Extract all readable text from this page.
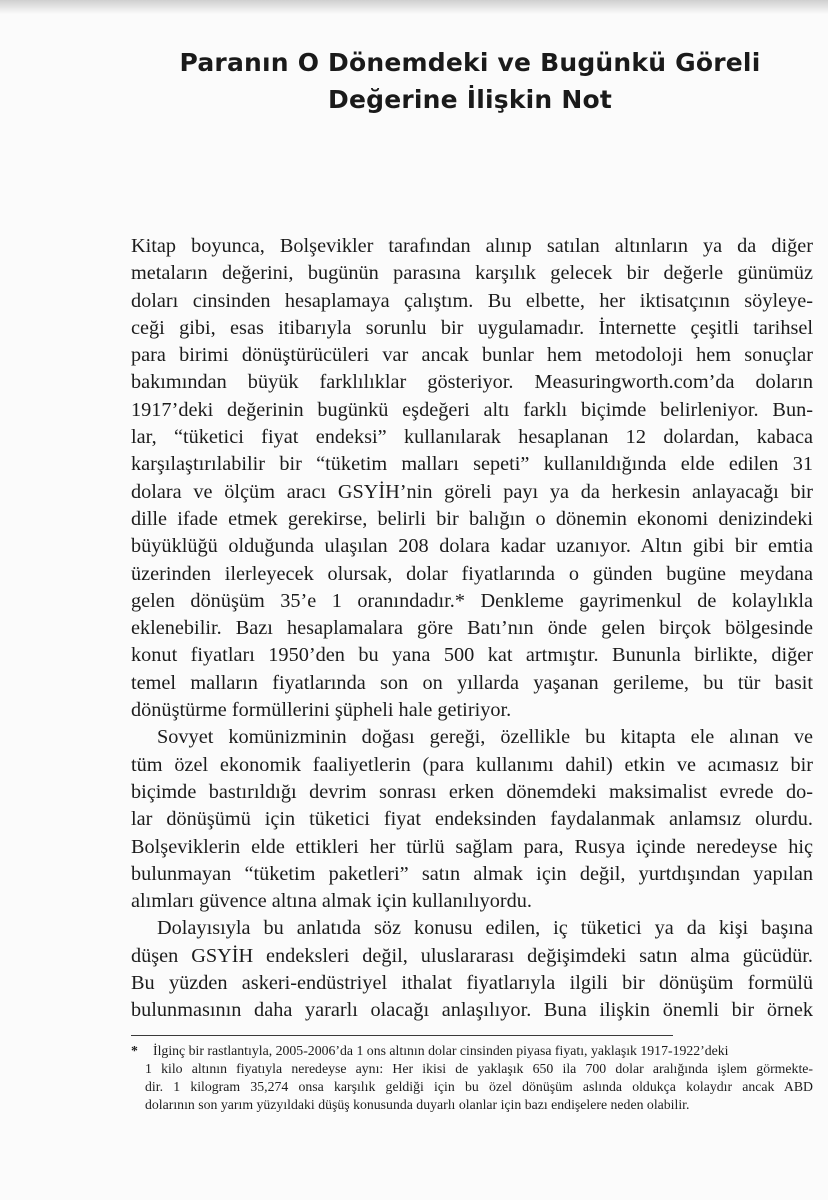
Paranın O Dönemdeki ve Bugünkü Göreli
Değerine İlişkin Not
Kitap boyunca, Bolşevikler tarafından alınıp satılan altınların ya da diğer
metaların değerini, bugünün parasına karşılık gelecek bir değerle günümüz
doları cinsinden hesaplamaya çalıştım. Bu elbette, her iktisatçının söyleye-
ceği gibi, esas itibarıyla sorunlu bir uygulamadır. İnternette çeşitli tarihsel
para birimi dönüştürücüleri var ancak bunlar hem metodoloji hem sonuçlar
bakımından büyük farklılıklar gösteriyor. Measuringworth.com’da doların
1917’deki değerinin bugünkü eşdeğeri altı farklı biçimde belirleniyor. Bun-
lar, “tüketici fiyat endeksi” kullanılarak hesaplanan 12 dolardan, kabaca
karşılaştırılabilir bir “tüketim malları sepeti” kullanıldığında elde edilen 31
dolara ve ölçüm aracı GSYİH’nin göreli payı ya da herkesin anlayacağı bir
dille ifade etmek gerekirse, belirli bir balığın o dönemin ekonomi denizindeki
büyüklüğü olduğunda ulaşılan 208 dolara kadar uzanıyor. Altın gibi bir emtia
üzerinden ilerleyecek olursak, dolar fiyatlarında o günden bugüne meydana
gelen dönüşüm 35’e 1 oranındadır.* Denkleme gayrimenkul de kolaylıkla
eklenebilir. Bazı hesaplamalara göre Batı’nın önde gelen birçok bölgesinde
konut fiyatları 1950’den bu yana 500 kat artmıştır. Bununla birlikte, diğer
temel malların fiyatlarında son on yıllarda yaşanan gerileme, bu tür basit
dönüştürme formüllerini şüpheli hale getiriyor.
Sovyet komünizminin doğası gereği, özellikle bu kitapta ele alınan ve
tüm özel ekonomik faaliyetlerin (para kullanımı dahil) etkin ve acımasız bir
biçimde bastırıldığı devrim sonrası erken dönemdeki maksimalist evrede do-
lar dönüşümü için tüketici fiyat endeksinden faydalanmak anlamsız olurdu.
Bolşeviklerin elde ettikleri her türlü sağlam para, Rusya içinde neredeyse hiç
bulunmayan “tüketim paketleri” satın almak için değil, yurtdışından yapılan
alımları güvence altına almak için kullanılıyordu.
Dolayısıyla bu anlatıda söz konusu edilen, iç tüketici ya da kişi başına
düşen GSYİH endeksleri değil, uluslararası değişimdeki satın alma gücüdür.
Bu yüzden askeri-endüstriyel ithalat fiyatlarıyla ilgili bir dönüşüm formülü
bulunmasının daha yararlı olacağı anlaşılıyor. Buna ilişkin önemli bir örnek
* İlginç bir rastlantıyla, 2005-2006’da 1 ons altının dolar cinsinden piyasa fiyatı, yaklaşık 1917-1922’deki
1 kilo altının fiyatıyla neredeyse aynı: Her ikisi de yaklaşık 650 ila 700 dolar aralığında işlem görmekte-
dir. 1 kilogram 35,274 onsa karşılık geldiği için bu özel dönüşüm aslında oldukça kolaydır ancak ABD
dolarının son yarım yüzyıldaki düşüş konusunda duyarlı olanlar için bazı endişelere neden olabilir.
